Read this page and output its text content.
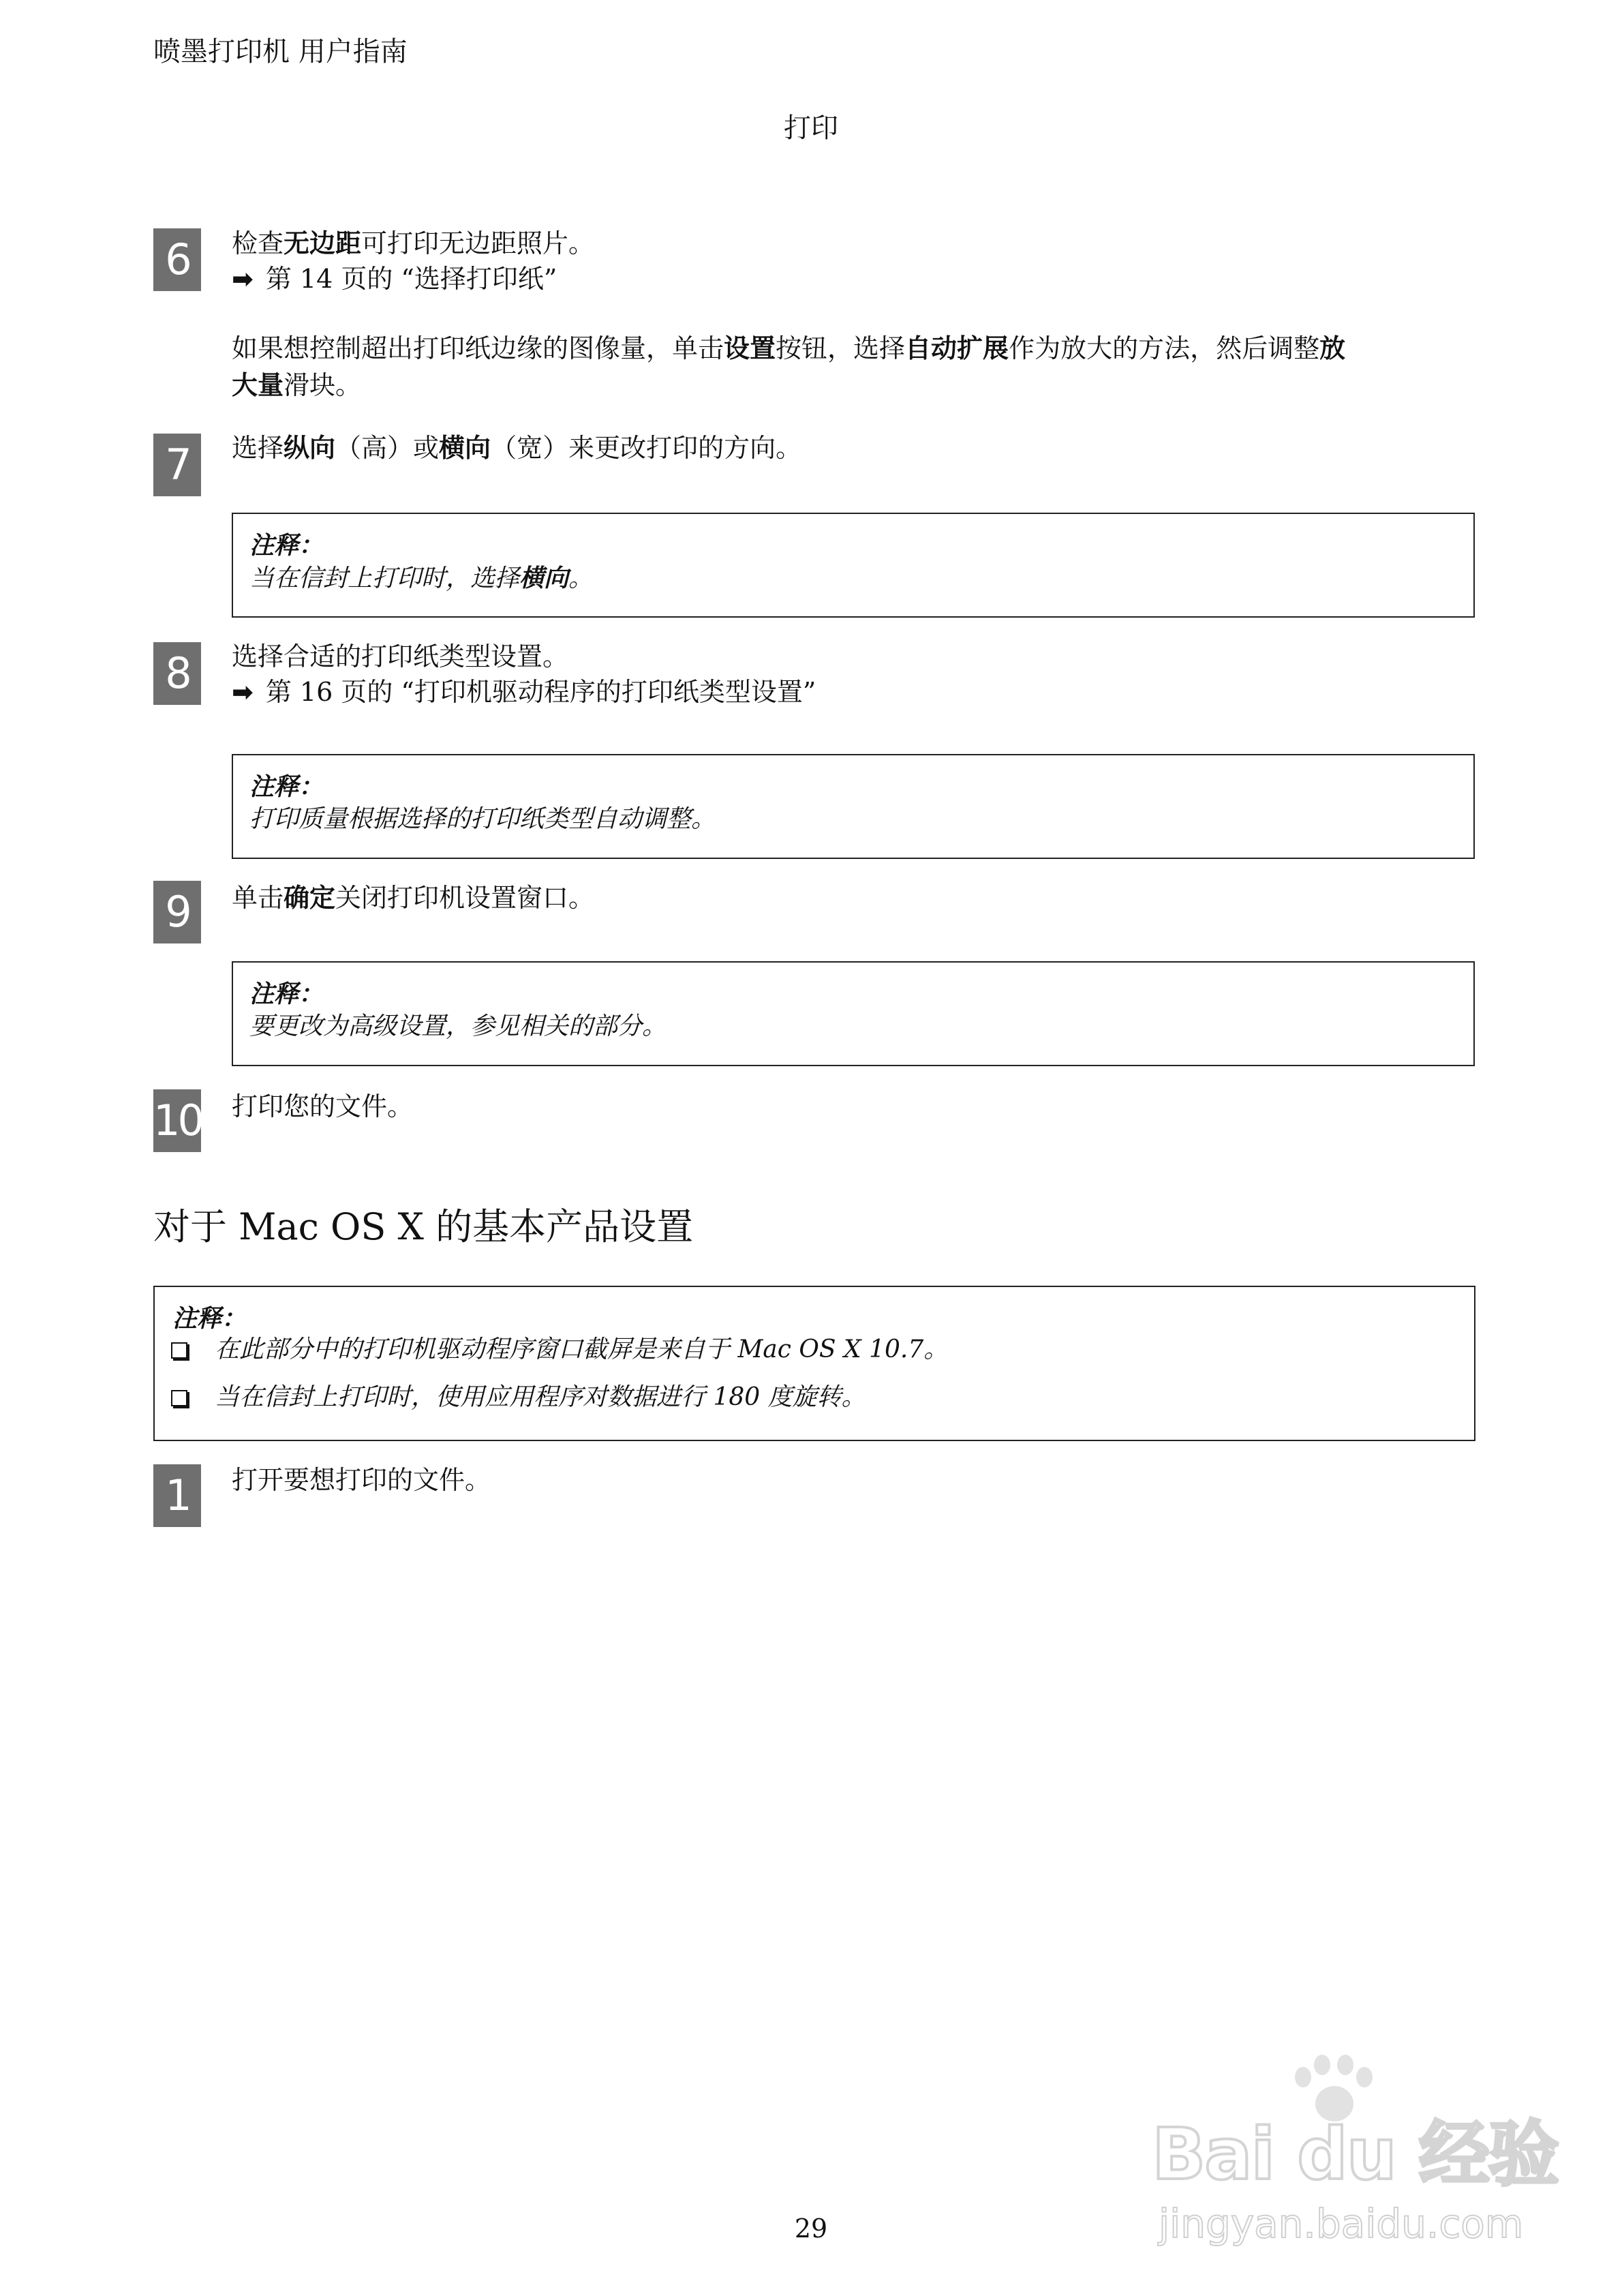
喷墨打印机 用户指南
打印
6	检查无边距可打印无边距照片。
➡ 第 14 页的 “选择打印纸”
如果想控制超出打印纸边缘的图像量，单击设置按钮，选择自动扩展作为放大的方法，然后调整放
大量滑块。
7	选择纵向（高）或横向（宽）来更改打印的方向。
注释：
当在信封上打印时，选择横向。
8	选择合适的打印纸类型设置。
➡ 第 16 页的 “打印机驱动程序的打印纸类型设置”
注释：
打印质量根据选择的打印纸类型自动调整。
9	单击确定关闭打印机设置窗口。
注释：
要更改为高级设置，参见相关的部分。
10 打印您的文件。
对于 Mac OS X 的基本产品设置
注释：
在此部分中的打印机驱动程序窗口截屏是来自于 Mac OS X 10.7。
当在信封上打印时，使用应用程序对数据进行 180 度旋转。
1	打开要想打印的文件。
Bai du 经验
jingyan.baidu.com
29
